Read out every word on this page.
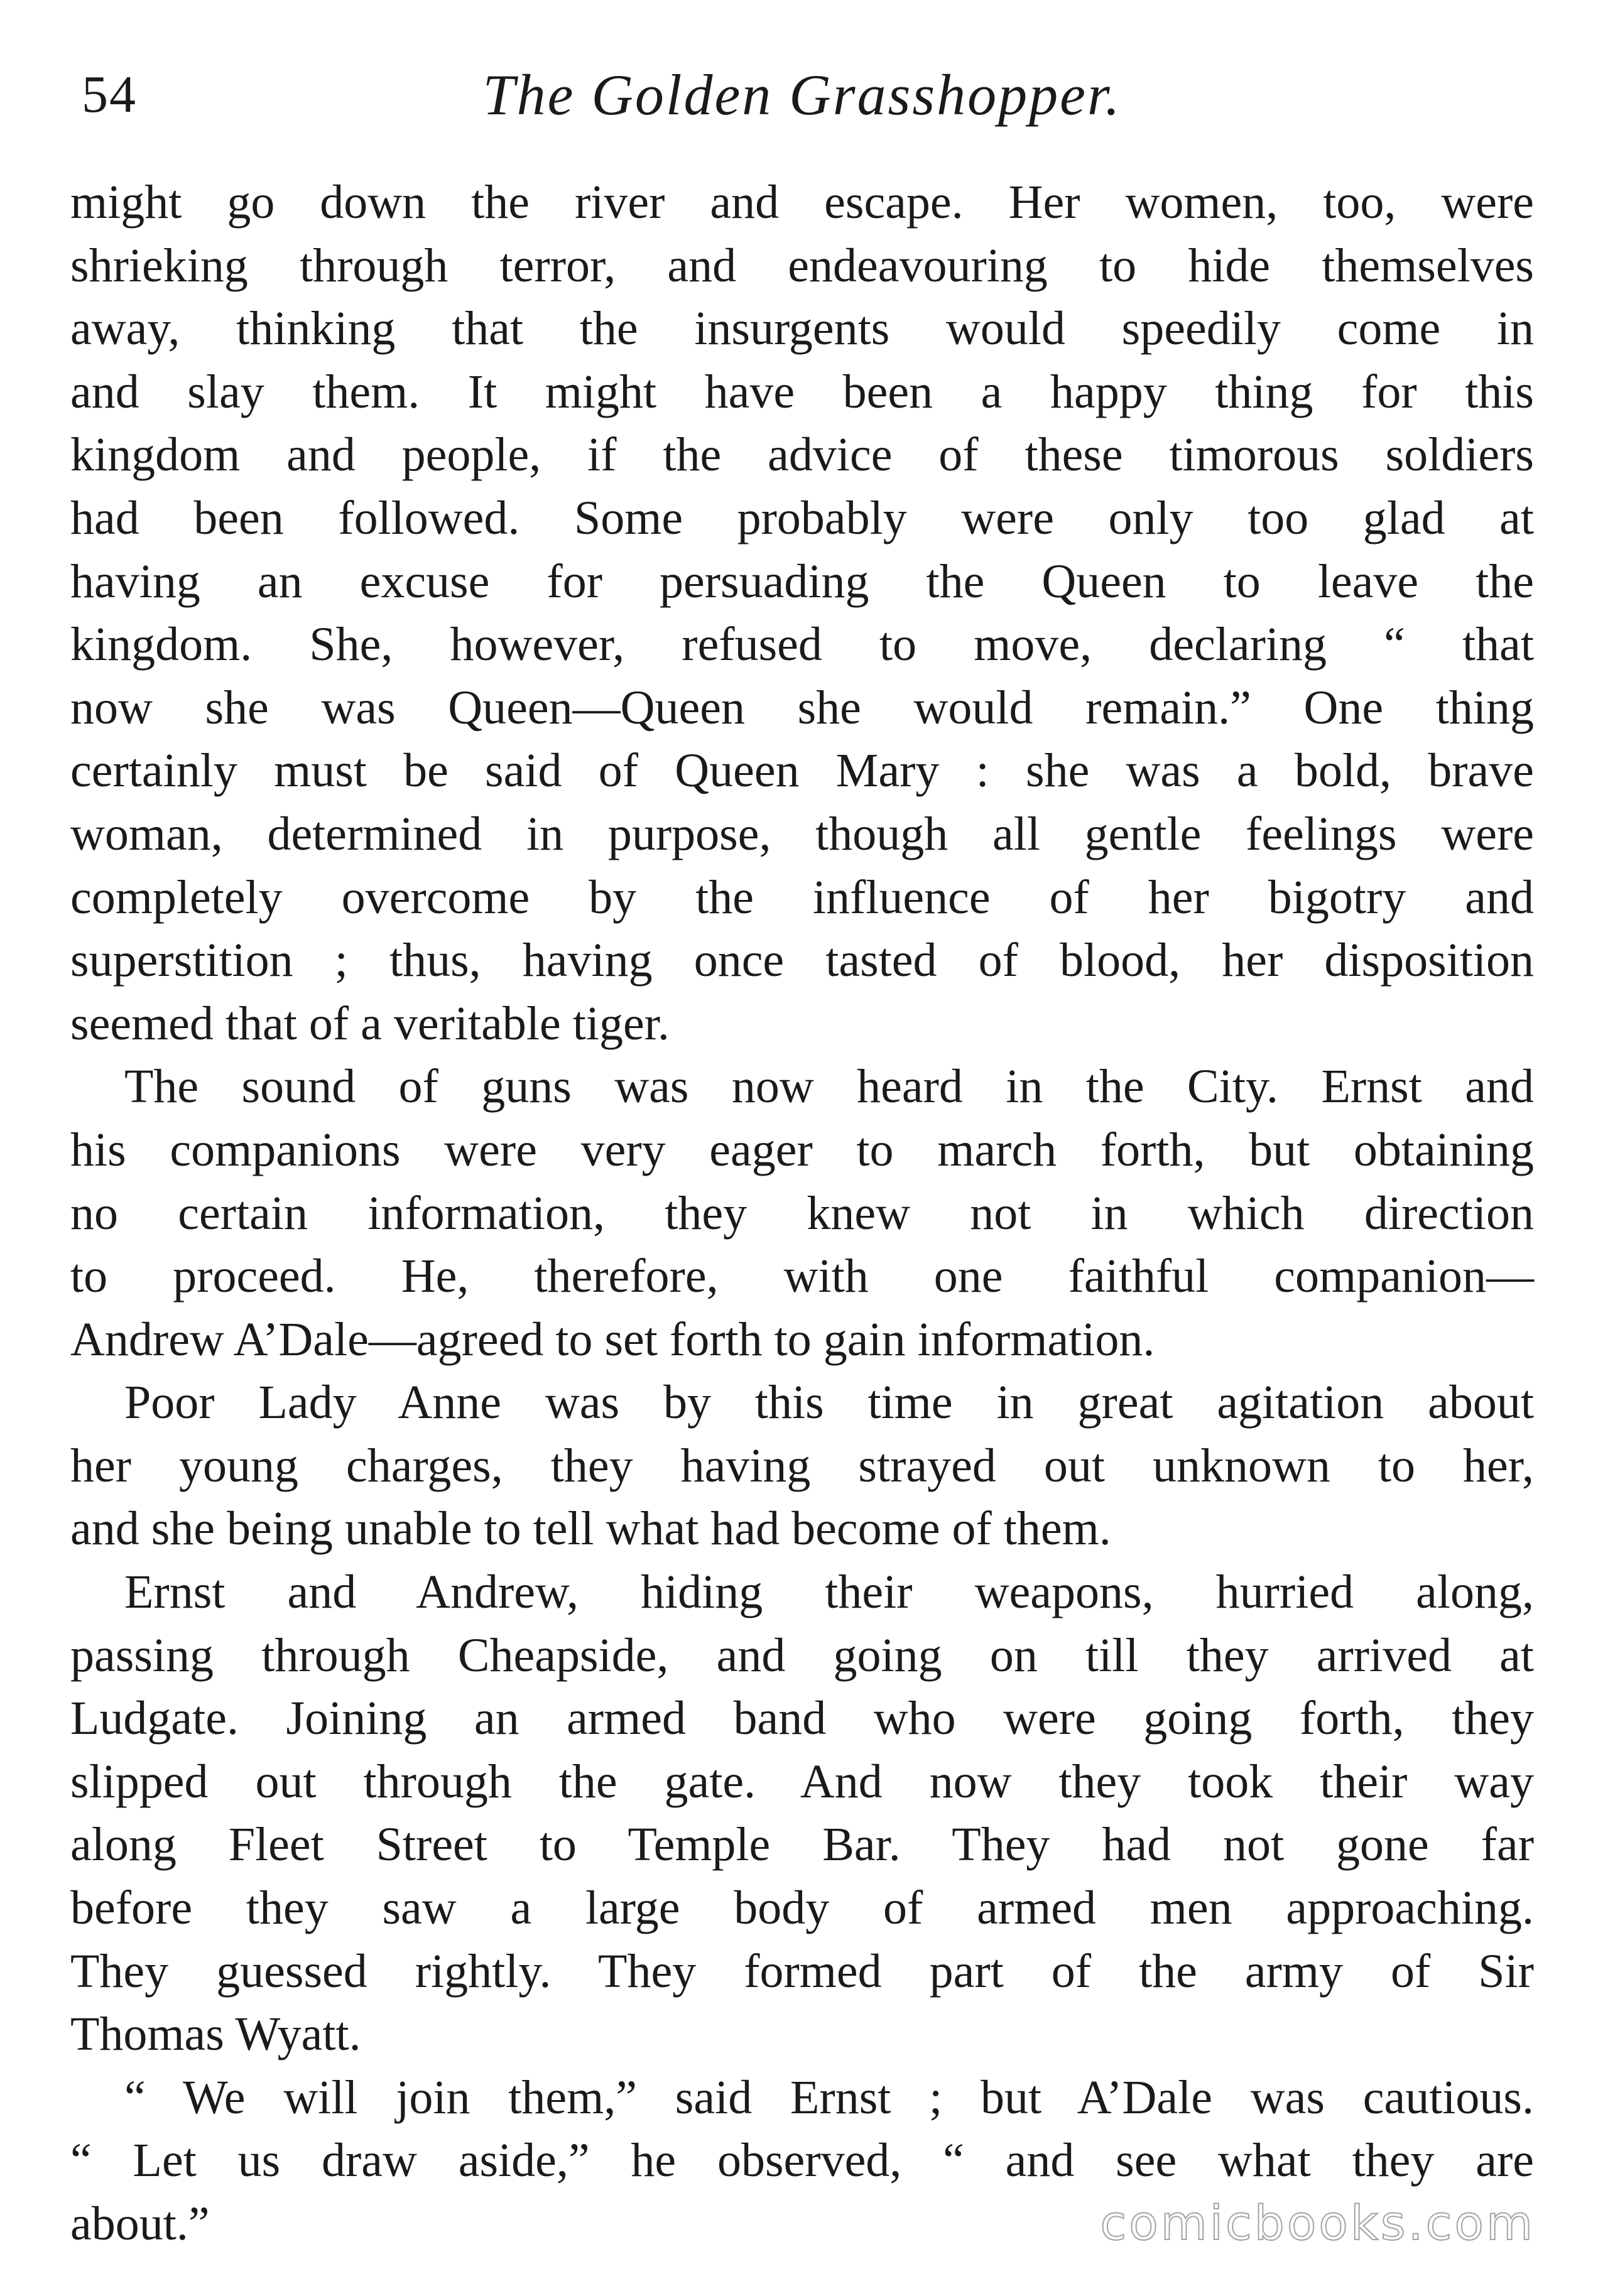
54	The Golden Grasshopper.
might go down the river and escape. Her women, too, were
shrieking through terror, and endeavouring to hide themselves
away, thinking that the insurgents would speedily come in
and slay them. It might have been a happy thing for this
kingdom and people, if the advice of these timorous soldiers
had been followed. Some probably were only too glad at
having an excuse for persuading the Queen to leave the
kingdom. She, however, refused to move, declaring “ that
now she was Queen—Queen she would remain.” One thing
certainly must be said of Queen Mary : she was a bold, brave
woman, determined in purpose, though all gentle feelings were
completely overcome by the influence of her bigotry and
superstition ; thus, having once tasted of blood, her disposition
seemed that of a veritable tiger.
The sound of guns was now heard in the City. Ernst and
his companions were very eager to march forth, but obtaining
no certain information, they knew not in which direction
to proceed. He, therefore, with one faithful companion—
Andrew A’Dale—agreed to set forth to gain information.
Poor Lady Anne was by this time in great agitation about
her young charges, they having strayed out unknown to her,
and she being unable to tell what had become of them.
Ernst and Andrew, hiding their weapons, hurried along,
passing through Cheapside, and going on till they arrived at
Ludgate. Joining an armed band who were going forth, they
slipped out through the gate. And now they took their way
along Fleet Street to Temple Bar. They had not gone far
before they saw a large body of armed men approaching.
They guessed rightly. They formed part of the army of Sir
Thomas Wyatt.
“ We will join them,” said Ernst ; but A’Dale was cautious.
“ Let us draw aside,” he observed, “ and see what they are
about.”	comicbooks.com
